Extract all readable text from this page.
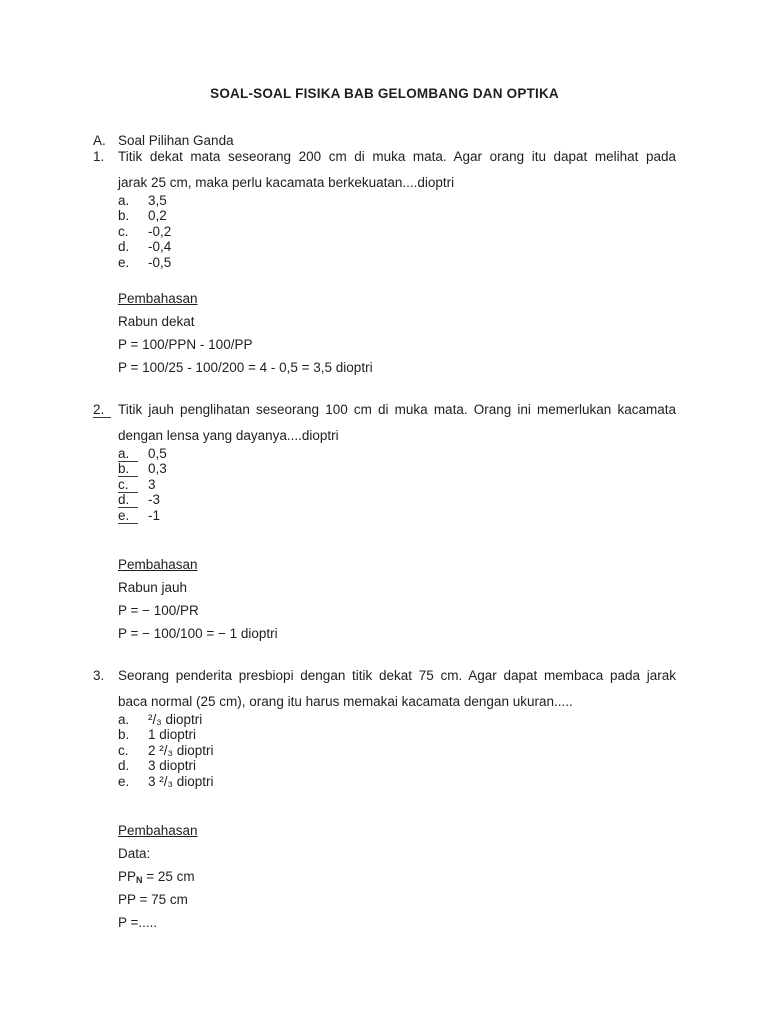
SOAL-SOAL FISIKA BAB GELOMBANG DAN OPTIKA
A. Soal Pilihan Ganda
1.	Titik dekat mata seseorang 200 cm di muka mata. Agar orang itu dapat melihat pada
jarak 25 cm, maka perlu kacamata berkekuatan....dioptri
a.	3,5
b.	0,2
c.	-0,2
d.	-0,4
e.	-0,5
Pembahasan
Rabun dekat
P = 100/PPN - 100/PP
P = 100/25 - 100/200 = 4 - 0,5 = 3,5 dioptri
2.	Titik jauh penglihatan seseorang 100 cm di muka mata. Orang ini memerlukan kacamata
dengan lensa yang dayanya....dioptri
a.	0,5
b.	0,3
c.	3
d.	-3
e.	-1
Pembahasan
Rabun jauh
P = − 100/PR
P = − 100/100 = − 1 dioptri
3.	Seorang penderita presbiopi dengan titik dekat 75 cm. Agar dapat membaca pada jarak
baca normal (25 cm), orang itu harus memakai kacamata dengan ukuran.....
a.	²/₃ dioptri
b.	1 dioptri
c.	2 ²/₃ dioptri
d.	3 dioptri
e.	3 ²/₃ dioptri
Pembahasan
Data:
$PP_N = 25$ cm
PP = 75 cm
P =.....
